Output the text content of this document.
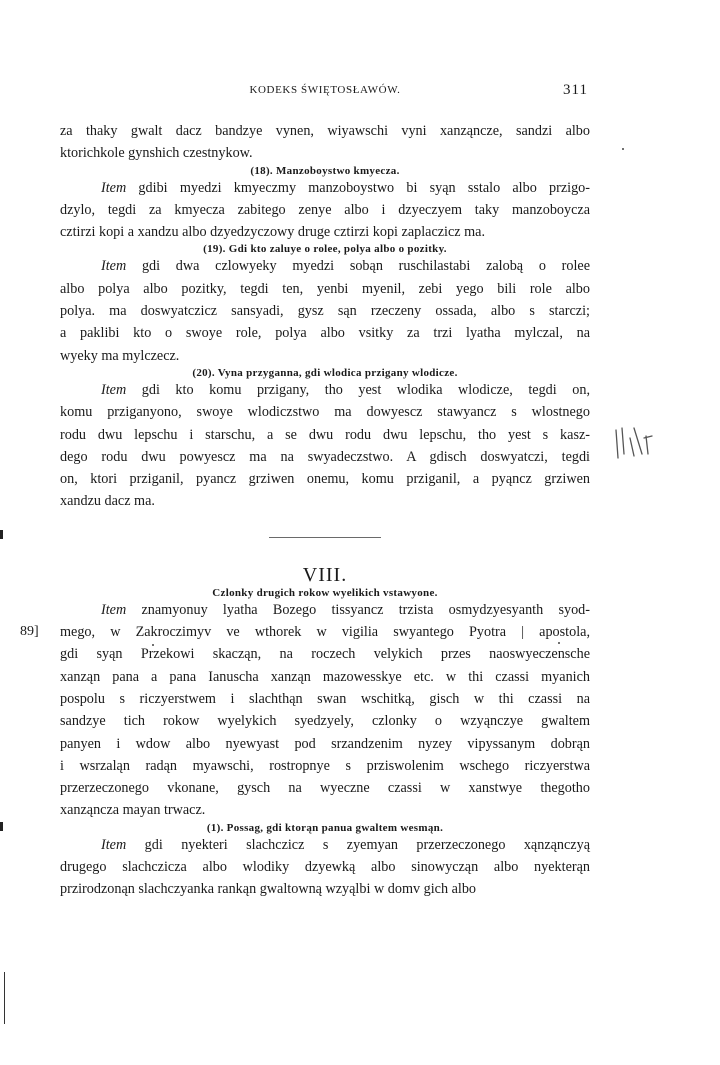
KODEKS ŚWIĘTOSŁAWÓW.	311

za thaky gwalt dacz bandzye vynen, wiyawschi vyni xanząncze, sandzi albo
ktorichkole gynshich czestnykow.

(18). Manzoboystwo kmyecza.

Item gdibi myedzi kmyeczmy manzoboystwo bi syąn sstalo albo przigo-
dzylo, tegdi za kmyecza zabitego zenye albo i dzyeczyem taky manzoboycza
cztirzi kopi a xandzu albo dzyedzyczowy druge cztirzi kopi zaplaczicz ma.

(19). Gdi kto zaluye o rolee, polya albo o pozitky.

Item gdi dwa czlowyeky myedzi sobąn ruschilastabi zalobą o rolee
albo polya albo pozitky, tegdi ten, yenbi myenil, zebi yego bili role albo
polya. ma doswyatczicz sansyadi, gysz sąn rzeczeny ossada, albo s starczi;
a paklibi kto o swoye role, polya albo vsitky za trzi lyatha mylczal, na
wyeky ma mylczecz.

(20). Vyna przyganna, gdi wlodica przigany wlodicze.

Item gdi kto komu przigany, tho yest wlodika wlodicze, tegdi on,
komu prziganyono, swoye wlodiczstwo ma dowyescz stawyancz s wlostnego
rodu dwu lepschu i starschu, a se dwu rodu dwu lepschu, tho yest s kasz-
dego rodu dwu powyescz ma na swyadeczstwo. A gdisch doswyatczi, tegdi
on, ktori prziganil, pyancz grziwen onemu, komu prziganil, a pyąncz grziwen
xandzu dacz ma.

VIII.
Czlonky drugich rokow wyelikich vstawyone.

89]
Item znamyonuy lyatha Bozego tissyancz trzista osmydzyesyanth syod-
mego, w Zakroczimyv ve wthorek w vigilia swyantego Pyotra | apostola,
gdi syąn Przekowi skacząn, na roczech velykich przes naoswyeczensche
xanząn pana a pana Ianuscha xanząn mazowesskye etc. w thi czassi myanich
pospolu s riczyerstwem i slachthąn swan wschitką, gisch w thi czassi na
sandzye tich rokow wyelykich syedzyely, czlonky o wzyąnczye gwaltem
panyen i wdow albo nyewyast pod srzandzenim nyzey vipyssanym dobrąn
i wsrzaląn radąn myawschi, rostropnye s prziswolenim wschego riczyerstwa
przerzeczonego vkonane, gysch na wyeczne czassi w xanstwye thegotho
xanząncza mayan trwacz.

(1). Possag, gdi ktorąn panua gwaltem wesmąn.

Item gdi nyekteri slachczicz s zyemyan przerzeczonego xąnząnczyą
drugego slachczicza albo wlodiky dzyewką albo sinowycząn albo nyekterąn
przirodzonąn slachczyanka rankąn gwaltowną wzyąlbi w domv gich albo
